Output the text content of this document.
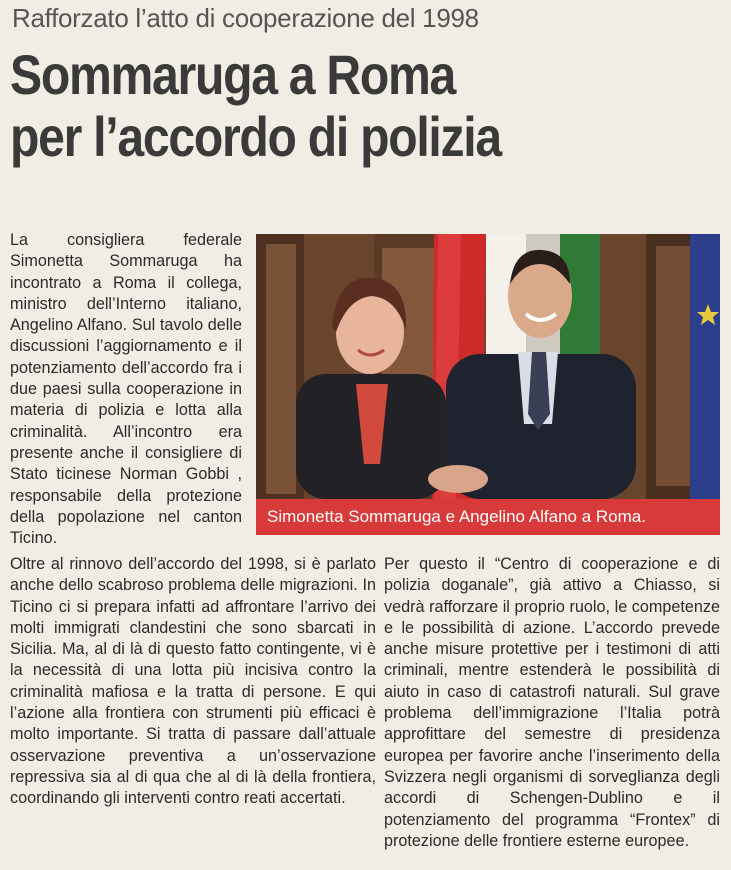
Rafforzato l’atto di cooperazione del 1998
Sommaruga a Roma
per l’accordo di polizia

La consigliera federale Simonetta Sommaruga ha incontrato a Roma il collega, ministro dell’Interno italiano, Angelino Alfano. Sul tavolo delle discussioni l’aggiornamento e il potenziamento dell’accordo fra i due paesi sulla cooperazione in materia di polizia e lotta alla criminalità. All’incontro era presente anche il consigliere di Stato ticinese Norman Gobbi , responsabile della protezione della popolazione nel canton Ticino.

Simonetta Sommaruga e Angelino Alfano a Roma.

Oltre al rinnovo dell’accordo del 1998, si è parlato anche dello scabroso problema delle migrazioni. In Ticino ci si prepara infatti ad affrontare l’arrivo dei molti immigrati clandestini che sono sbarcati in Sicilia. Ma, al di là di questo fatto contingente, vi è la necessità di una lotta più incisiva contro la criminalità mafiosa e la tratta di persone. E qui l’azione alla frontiera con strumenti più efficaci è molto importante. Si tratta di passare dall’attuale osservazione preventiva a un’osservazione repressiva sia al di qua che al di là della frontiera, coordinando gli interventi contro reati accertati.

Per questo il “Centro di cooperazione e di polizia doganale”, già attivo a Chiasso, si vedrà rafforzare il proprio ruolo, le competenze e le possibilità di azione. L’accordo prevede anche misure protettive per i testimoni di atti criminali, mentre estenderà le possibilità di aiuto in caso di catastrofi naturali. Sul grave problema dell’immigrazione l’Italia potrà approfittare del semestre di presidenza europea per favorire anche l’inserimento della Svizzera negli organismi di sorveglianza degli accordi di Schengen-Dublino e il potenziamento del programma “Frontex” di protezione delle frontiere esterne europee.
